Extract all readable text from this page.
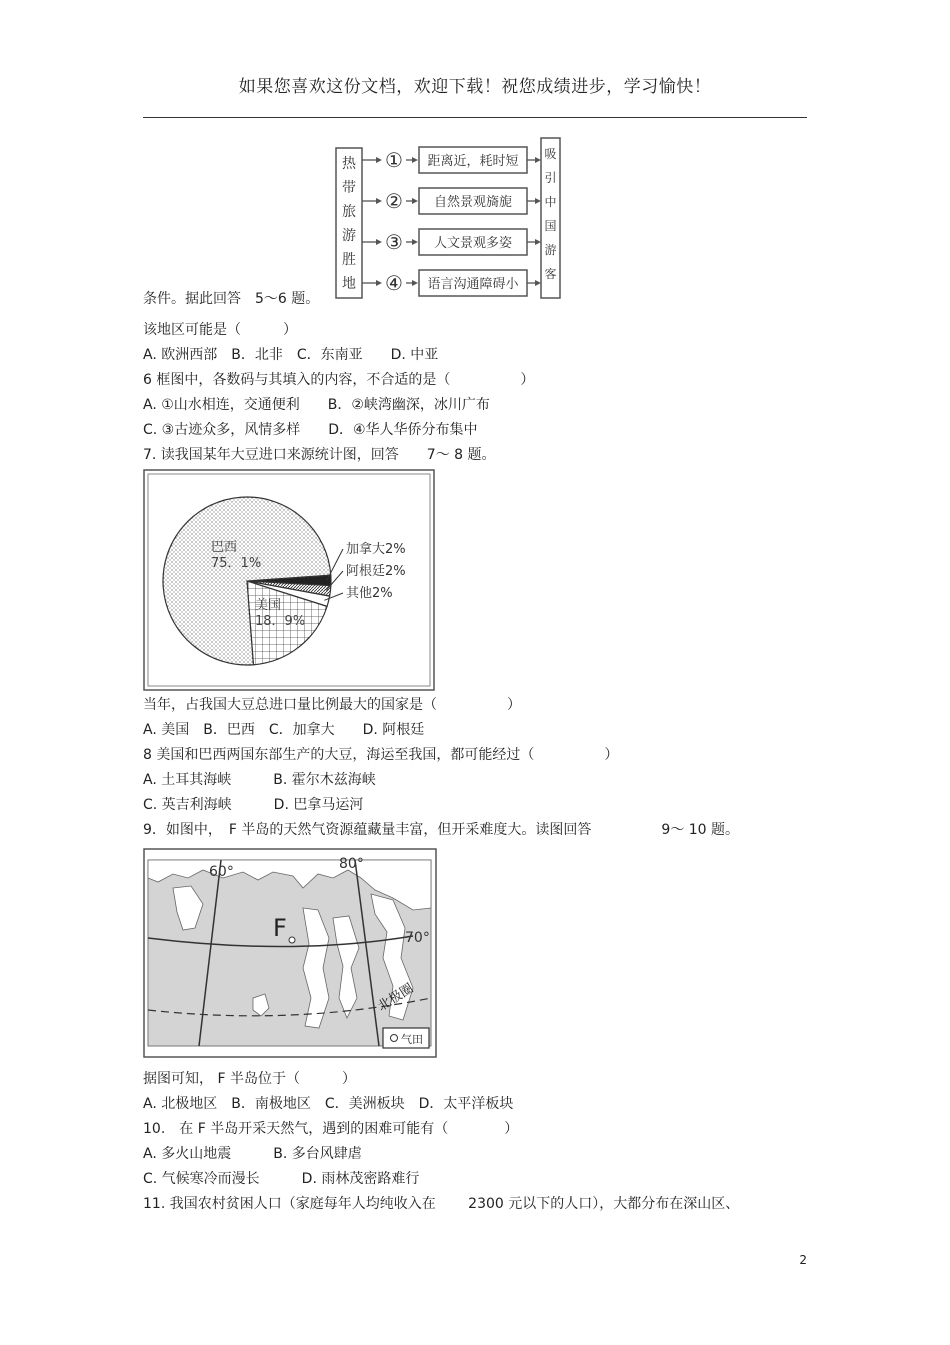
如果您喜欢这份文档，欢迎下载！祝您成绩进步，学习愉快！
热
带
旅
游
胜
地
吸
引
中
国
游
客
① 距离近，耗时短
② 自然景观旖旎
③ 人文景观多姿
④ 语言沟通障碍小
条件。据此回答　5～6 题。
该地区可能是（　　　）
A. 欧洲西部　B．北非　C．东南亚　　D. 中亚
6 框图中，各数码与其填入的内容，不合适的是（　　　　　）
A. ①山水相连，交通便利　　B．②峡湾幽深，冰川广布
C. ③古迹众多，风情多样　　D．④华人华侨分布集中
7. 读我国某年大豆进口来源统计图，回答　　7～ 8 题。
巴西 75．1%
美国 18．9%
加拿大2%
阿根廷2%
其他2%
当年，占我国大豆总进口量比例最大的国家是（　　　　　）
A. 美国　B．巴西　C．加拿大　　D. 阿根廷
8 美国和巴西两国东部生产的大豆，海运至我国，都可能经过（　　　　　）
A. 土耳其海峡　　　B. 霍尔木兹海峡
C. 英吉利海峡　　　D. 巴拿马运河
9．如图中，　F 半岛的天然气资源蕴藏量丰富，但开采难度大。读图回答　　　　　9～ 10 题。
60°	80°
70°
北极圈
F
气田
据图可知， F 半岛位于（　　　）
A. 北极地区　B．南极地区　C．美洲板块　D．太平洋板块
10.　在 F 半岛开采天然气，遇到的困难可能有（　　　　）
A. 多火山地震　　　B. 多台风肆虐
C. 气候寒冷而漫长　　　D. 雨林茂密路难行
11. 我国农村贫困人口（家庭每年人均纯收入在　　 2300 元以下的人口），大都分布在深山区、
2
